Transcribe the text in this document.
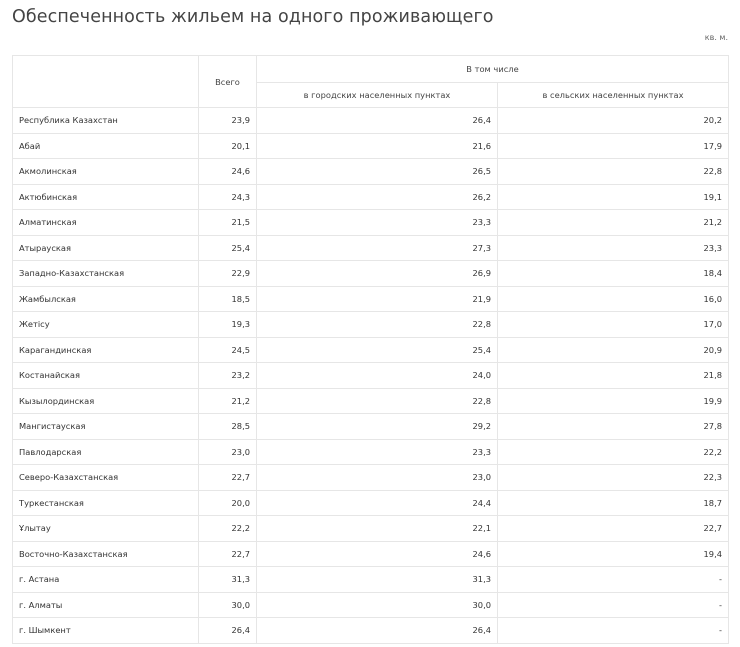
Обеспеченность жильем на одного проживающего
кв. м.
	Всего	В том числе	
		в городских населенных пунктах	в сельских населенных пунктах
Республика Казахстан	23,9	26,4	20,2
Абай	20,1	21,6	17,9
Акмолинская	24,6	26,5	22,8
Актюбинская	24,3	26,2	19,1
Алматинская	21,5	23,3	21,2
Атырауская	25,4	27,3	23,3
Западно-Казахстанская	22,9	26,9	18,4
Жамбылская	18,5	21,9	16,0
Жетісу	19,3	22,8	17,0
Карагандинская	24,5	25,4	20,9
Костанайская	23,2	24,0	21,8
Кызылординская	21,2	22,8	19,9
Мангистауская	28,5	29,2	27,8
Павлодарская	23,0	23,3	22,2
Северо-Казахстанская	22,7	23,0	22,3
Туркестанская	20,0	24,4	18,7
Ұлытау	22,2	22,1	22,7
Восточно-Казахстанская	22,7	24,6	19,4
г. Астана	31,3	31,3	-
г. Алматы	30,0	30,0	-
г. Шымкент	26,4	26,4	-
